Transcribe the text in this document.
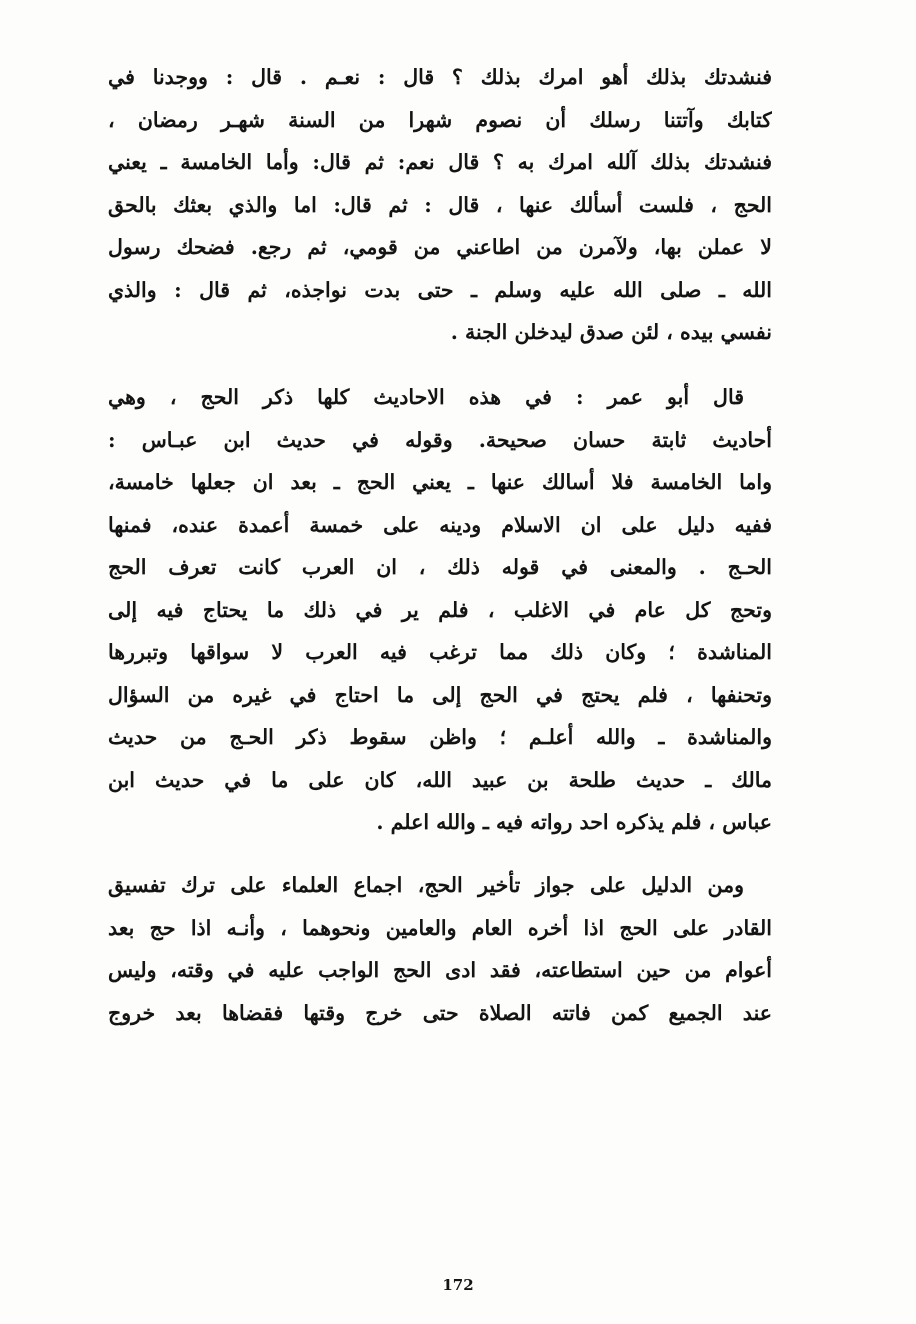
فنشدتك بذلك أهو امرك بذلك ؟ قال : نعـم . قال : ووجدنا في
كتابك وآتتنا رسلك أن نصوم شهرا من السنة شهـر رمضان ،
فنشدتك بذلك آلله امرك به ؟ قال نعم: ثم قال: وأما الخامسة ـ يعني
الحج ، فلست أسألك عنها ، قال : ثم قال: اما والذي بعثك بالحق
لا عملن بها، ولآمرن من اطاعني من قومي، ثم رجع. فضحك رسول
الله ـ صلى الله عليه وسلم ـ حتى بدت نواجذه، ثم قال : والذي
نفسي بيده ، لئن صدق ليدخلن الجنة .
قال أبو عمر : في هذه الاحاديث كلها ذكر الحج ، وهي
أحاديث ثابتة حسان صحيحة. وقوله في حديث ابن عبـاس :
واما الخامسة فلا أسالك عنها ـ يعني الحج ـ بعد ان جعلها خامسة،
ففيه دليل على ان الاسلام ودينه على خمسة أعمدة عنده، فمنها
الحـج . والمعنى في قوله ذلك ، ان العرب كانت تعرف الحج
وتحج كل عام في الاغلب ، فلم ير في ذلك ما يحتاج فيه إلى
المناشدة ؛ وكان ذلك مما ترغب فيه العرب لا سواقها وتبررها
وتحنفها ، فلم يحتج في الحج إلى ما احتاج في غيره من السؤال
والمناشدة ـ والله أعلـم ؛ واظن سقوط ذكر الحـج من حديث
مالك ـ حديث طلحة بن عبيد الله، كان على ما في حديث ابن
عباس ، فلم يذكره احد رواته فيه ـ والله اعلم .
ومن الدليل على جواز تأخير الحج، اجماع العلماء على ترك تفسيق
القادر على الحج اذا أخره العام والعامين ونحوهما ، وأنـه اذا حج بعد
أعوام من حين استطاعته، فقد ادى الحج الواجب عليه في وقته، وليس
عند الجميع كمن فاتته الصلاة حتى خرج وقتها فقضاها بعد خروج
172
